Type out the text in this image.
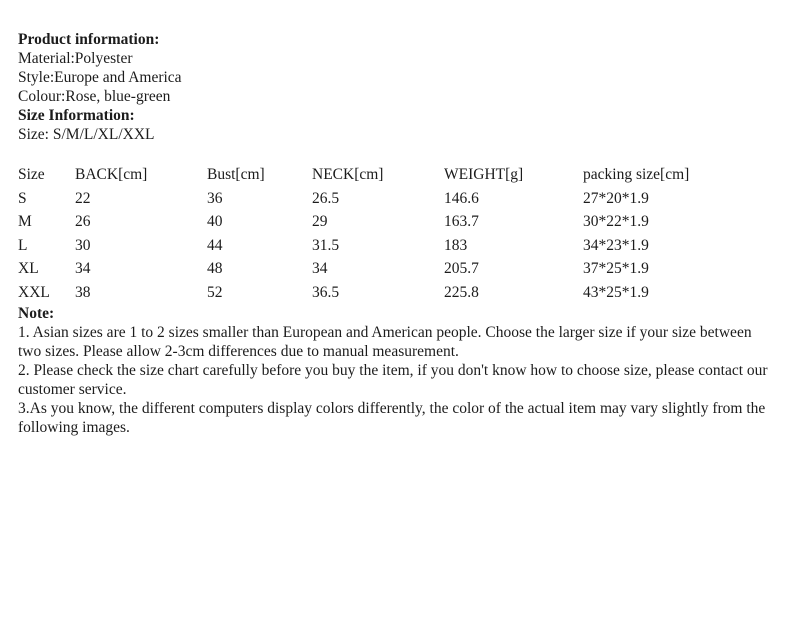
Product information:

Material:Polyester

Style:Europe and America

Colour:Rose, blue-green

Size Information:

Size: S/M/L/XL/XXL

Size	BACK[cm]	Bust[cm]	NECK[cm]	WEIGHT[g]	packing size[cm]
S	22	36	26.5	146.6	27*20*1.9
M	26	40	29	163.7	30*22*1.9
L	30	44	31.5	183	34*23*1.9
XL	34	48	34	205.7	37*25*1.9
XXL	38	52	36.5	225.8	43*25*1.9

Note:

1. Asian sizes are 1 to 2 sizes smaller than European and American people. Choose the larger size if your size between two sizes. Please allow 2-3cm differences due to manual measurement.

2. Please check the size chart carefully before you buy the item, if you don't know how to choose size, please contact our customer service.

3.As you know, the different computers display colors differently, the color of the actual item may vary slightly from the following images.
